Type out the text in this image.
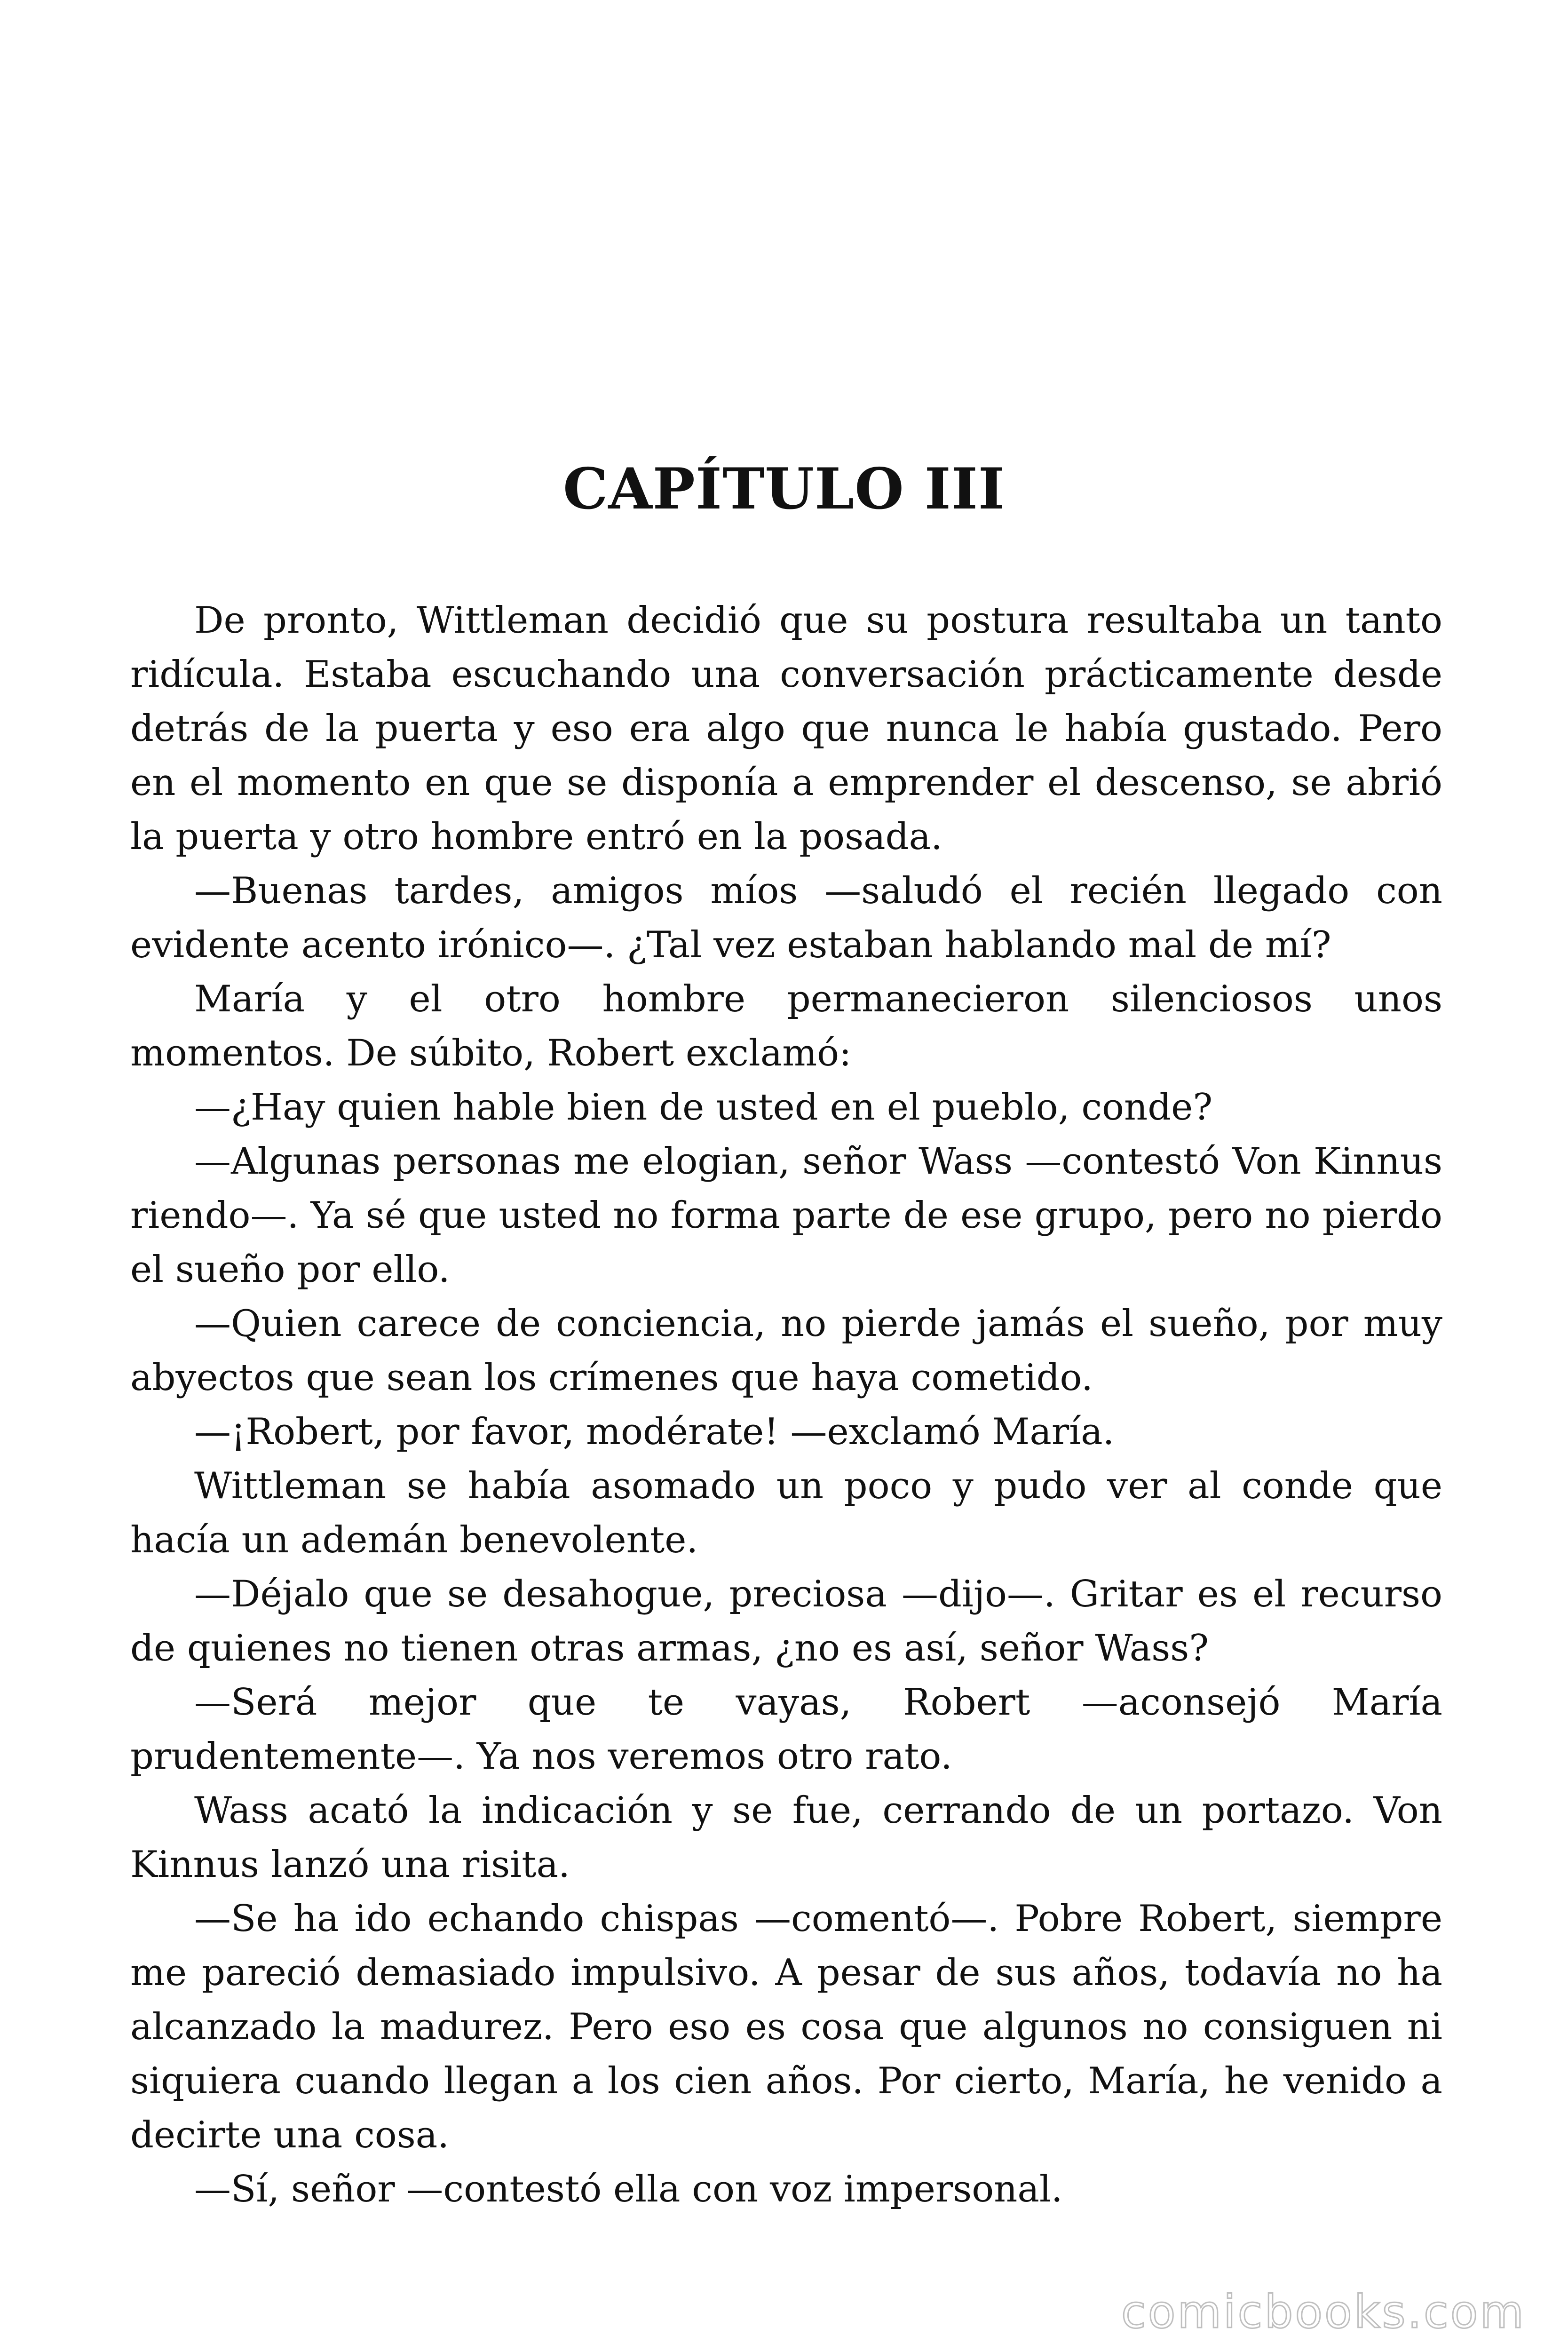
CAPÍTULO III

De pronto, Wittleman decidió que su postura resultaba un tanto ridícula. Estaba escuchando una conversación prácticamente desde detrás de la puerta y eso era algo que nunca le había gustado. Pero en el momento en que se disponía a emprender el descenso, se abrió la puerta y otro hombre entró en la posada.

—Buenas tardes, amigos míos —saludó el recién llegado con evidente acento irónico—. ¿Tal vez estaban hablando mal de mí?

María y el otro hombre permanecieron silenciosos unos momentos. De súbito, Robert exclamó:

—¿Hay quien hable bien de usted en el pueblo, conde?

—Algunas personas me elogian, señor Wass —contestó Von Kinnus riendo—. Ya sé que usted no forma parte de ese grupo, pero no pierdo el sueño por ello.

—Quien carece de conciencia, no pierde jamás el sueño, por muy abyectos que sean los crímenes que haya cometido.

—¡Robert, por favor, modérate! —exclamó María.

Wittleman se había asomado un poco y pudo ver al conde que hacía un ademán benevolente.

—Déjalo que se desahogue, preciosa —dijo—. Gritar es el recurso de quienes no tienen otras armas, ¿no es así, señor Wass?

—Será mejor que te vayas, Robert —aconsejó María prudentemente—. Ya nos veremos otro rato.

Wass acató la indicación y se fue, cerrando de un portazo. Von Kinnus lanzó una risita.

—Se ha ido echando chispas —comentó—. Pobre Robert, siempre me pareció demasiado impulsivo. A pesar de sus años, todavía no ha alcanzado la madurez. Pero eso es cosa que algunos no consiguen ni siquiera cuando llegan a los cien años. Por cierto, María, he venido a decirte una cosa.

—Sí, señor —contestó ella con voz impersonal.

comicbooks.com
